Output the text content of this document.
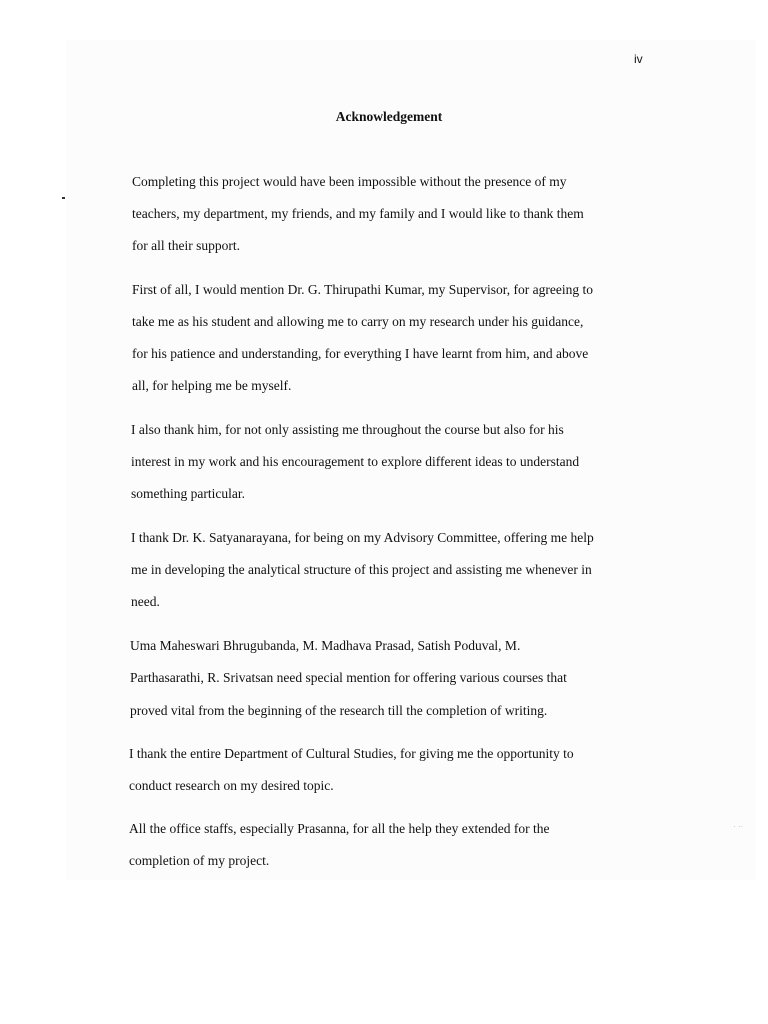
iv
Acknowledgement
· ··
Completing this project would have been impossible without the presence of my
teachers, my department, my friends, and my family and I would like to thank them
for all their support.
First of all, I would mention Dr. G. Thirupathi Kumar, my Supervisor, for agreeing to
take me as his student and allowing me to carry on my research under his guidance,
for his patience and understanding, for everything I have learnt from him, and above
all, for helping me be myself.
I also thank him, for not only assisting me throughout the course but also for his
interest in my work and his encouragement to explore different ideas to understand
something particular.
I thank Dr. K. Satyanarayana, for being on my Advisory Committee, offering me help
me in developing the analytical structure of this project and assisting me whenever in
need.
Uma Maheswari Bhrugubanda, M. Madhava Prasad, Satish Poduval, M.
Parthasarathi, R. Srivatsan need special mention for offering various courses that
proved vital from the beginning of the research till the completion of writing.
I thank the entire Department of Cultural Studies, for giving me the opportunity to
conduct research on my desired topic.
All the office staffs, especially Prasanna, for all the help they extended for the
completion of my project.
